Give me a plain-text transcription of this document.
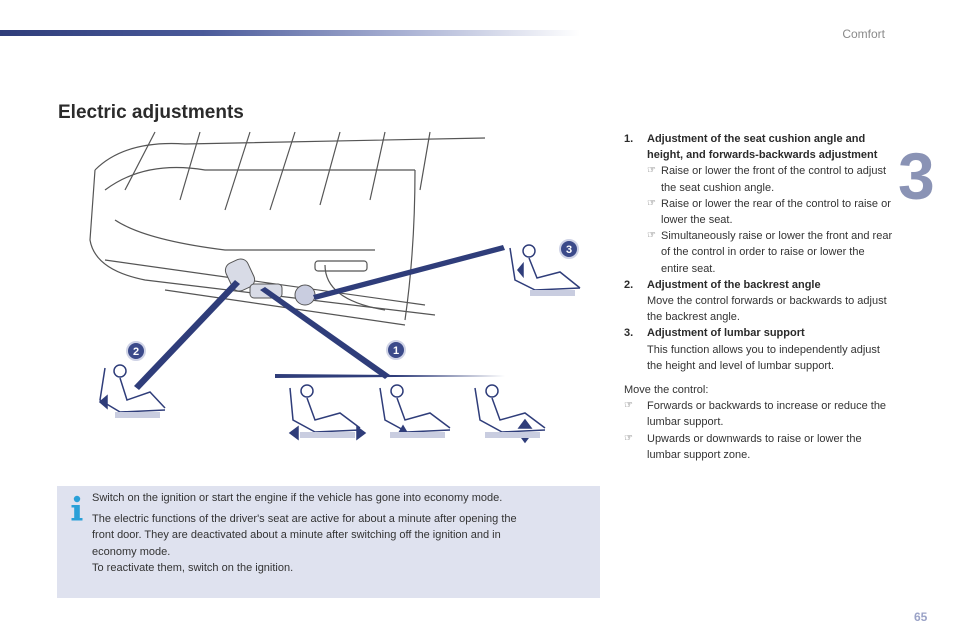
Comfort
3
Electric adjustments
1
2
3
1. Adjustment of the seat cushion angle and height, and forwards-backwards adjustment
☞ Raise or lower the front of the control to adjust the seat cushion angle.
☞ Raise or lower the rear of the control to raise or lower the seat.
☞ Simultaneously raise or lower the front and rear of the control in order to raise or lower the entire seat.
2. Adjustment of the backrest angle
Move the control forwards or backwards to adjust the backrest angle.
3. Adjustment of lumbar support
This function allows you to independently adjust the height and level of lumbar support.
Move the control:
☞ Forwards or backwards to increase or reduce the lumbar support.
☞ Upwards or downwards to raise or lower the lumbar support zone.

Switch on the ignition or start the engine if the vehicle has gone into economy mode.

The electric functions of the driver's seat are active for about a minute after opening the front door. They are deactivated about a minute after switching off the ignition and in economy mode.

To reactivate them, switch on the ignition.

65
